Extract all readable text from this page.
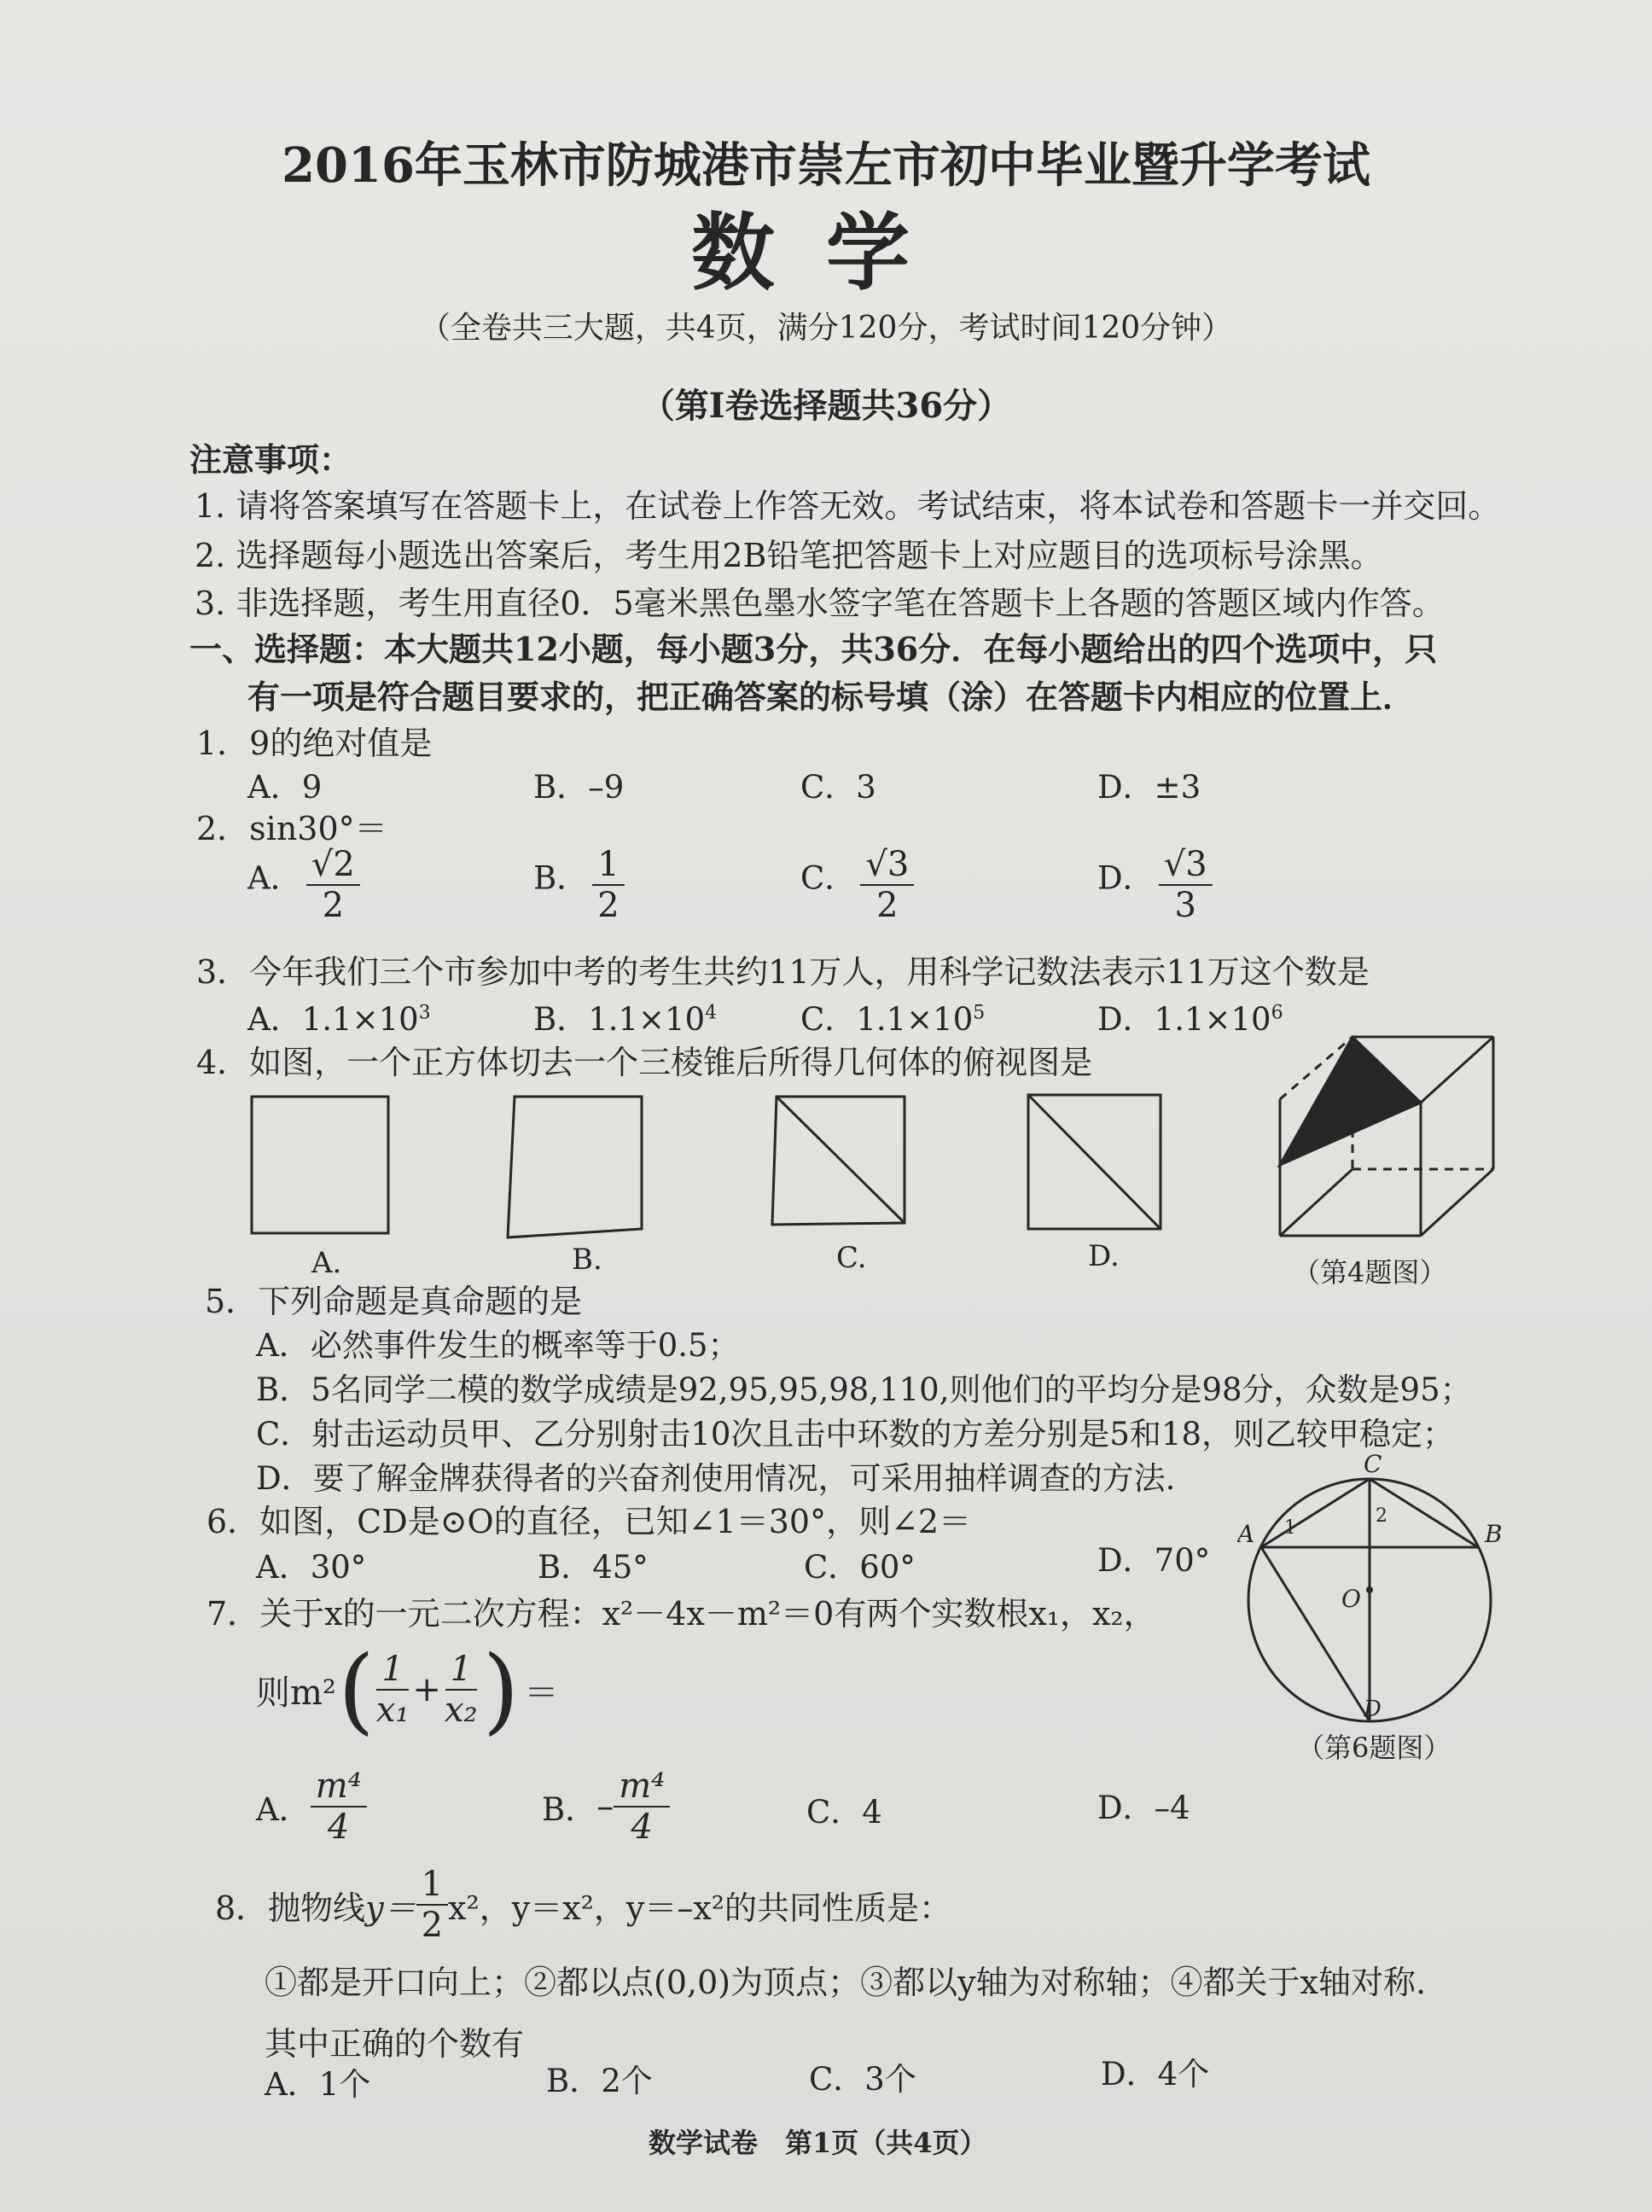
2016年玉林市防城港市崇左市初中毕业暨升学考试
数学
（全卷共三大题，共4页，满分120分，考试时间120分钟）
（第Ⅰ卷选择题共36分）
注意事项：
1. 请将答案填写在答题卡上，在试卷上作答无效。考试结束，将本试卷和答题卡一并交回。
2. 选择题每小题选出答案后，考生用2B铅笔把答题卡上对应题目的选项标号涂黑。
3. 非选择题，考生用直径0．5毫米黑色墨水签字笔在答题卡上各题的答题区域内作答。
一、选择题：本大题共12小题，每小题3分，共36分．在每小题给出的四个选项中，只
有一项是符合题目要求的，把正确答案的标号填（涂）在答题卡内相应的位置上．
1．9的绝对值是
A．9	B．–9	C．3	D．±3
2．sin30°＝
A． $\frac{√2}{2}$	B． $\frac{1}{2}$	C． $\frac{√3}{2}$	D． $\frac{√3}{3}$
3．今年我们三个市参加中考的考生共约11万人，用科学记数法表示11万这个数是
A．$1.1\times 10^3$	B．$1.1\times 10^4$	C．$1.1\times 10^5$	D．$1.1\times 10^6$
4．如图，一个正方体切去一个三棱锥后所得几何体的俯视图是
A.	B.	C.	D.	（第4题图）
5．下列命题是真命题的是
A．必然事件发生的概率等于0.5；
B．5名同学二模的数学成绩是92,95,95,98,110,则他们的平均分是98分，众数是95；
C．射击运动员甲、乙分别射击10次且击中环数的方差分别是5和18，则乙较甲稳定；
D．要了解金牌获得者的兴奋剂使用情况，可采用抽样调查的方法.
6．如图，CD是⊙O的直径，已知∠1＝30°，则∠2＝
A．30°	B．45°	C．60°	D．70°
C
A	B
O
D
1
2
（第6题图）
7．关于x的一元二次方程：x²－4x－m²＝0有两个实数根x₁，x₂，
则m² ( $\frac{1}{\text{x₁}} + \frac{1}{\text{x₂}}$ ) ＝
A． $\frac{\text{m⁴}}{4}$	B． – $\frac{\text{m⁴}}{4}$	C．4	D．–4
8．抛物线 $y= \frac{1}{2} x^2$，y＝x²，y＝–x²的共同性质是：
①都是开口向上；②都以点(0,0)为顶点；③都以y轴为对称轴；④都关于x轴对称.
其中正确的个数有
A．1个	B．2个	C．3个	D．4个
数学试卷　第1页（共4页）
